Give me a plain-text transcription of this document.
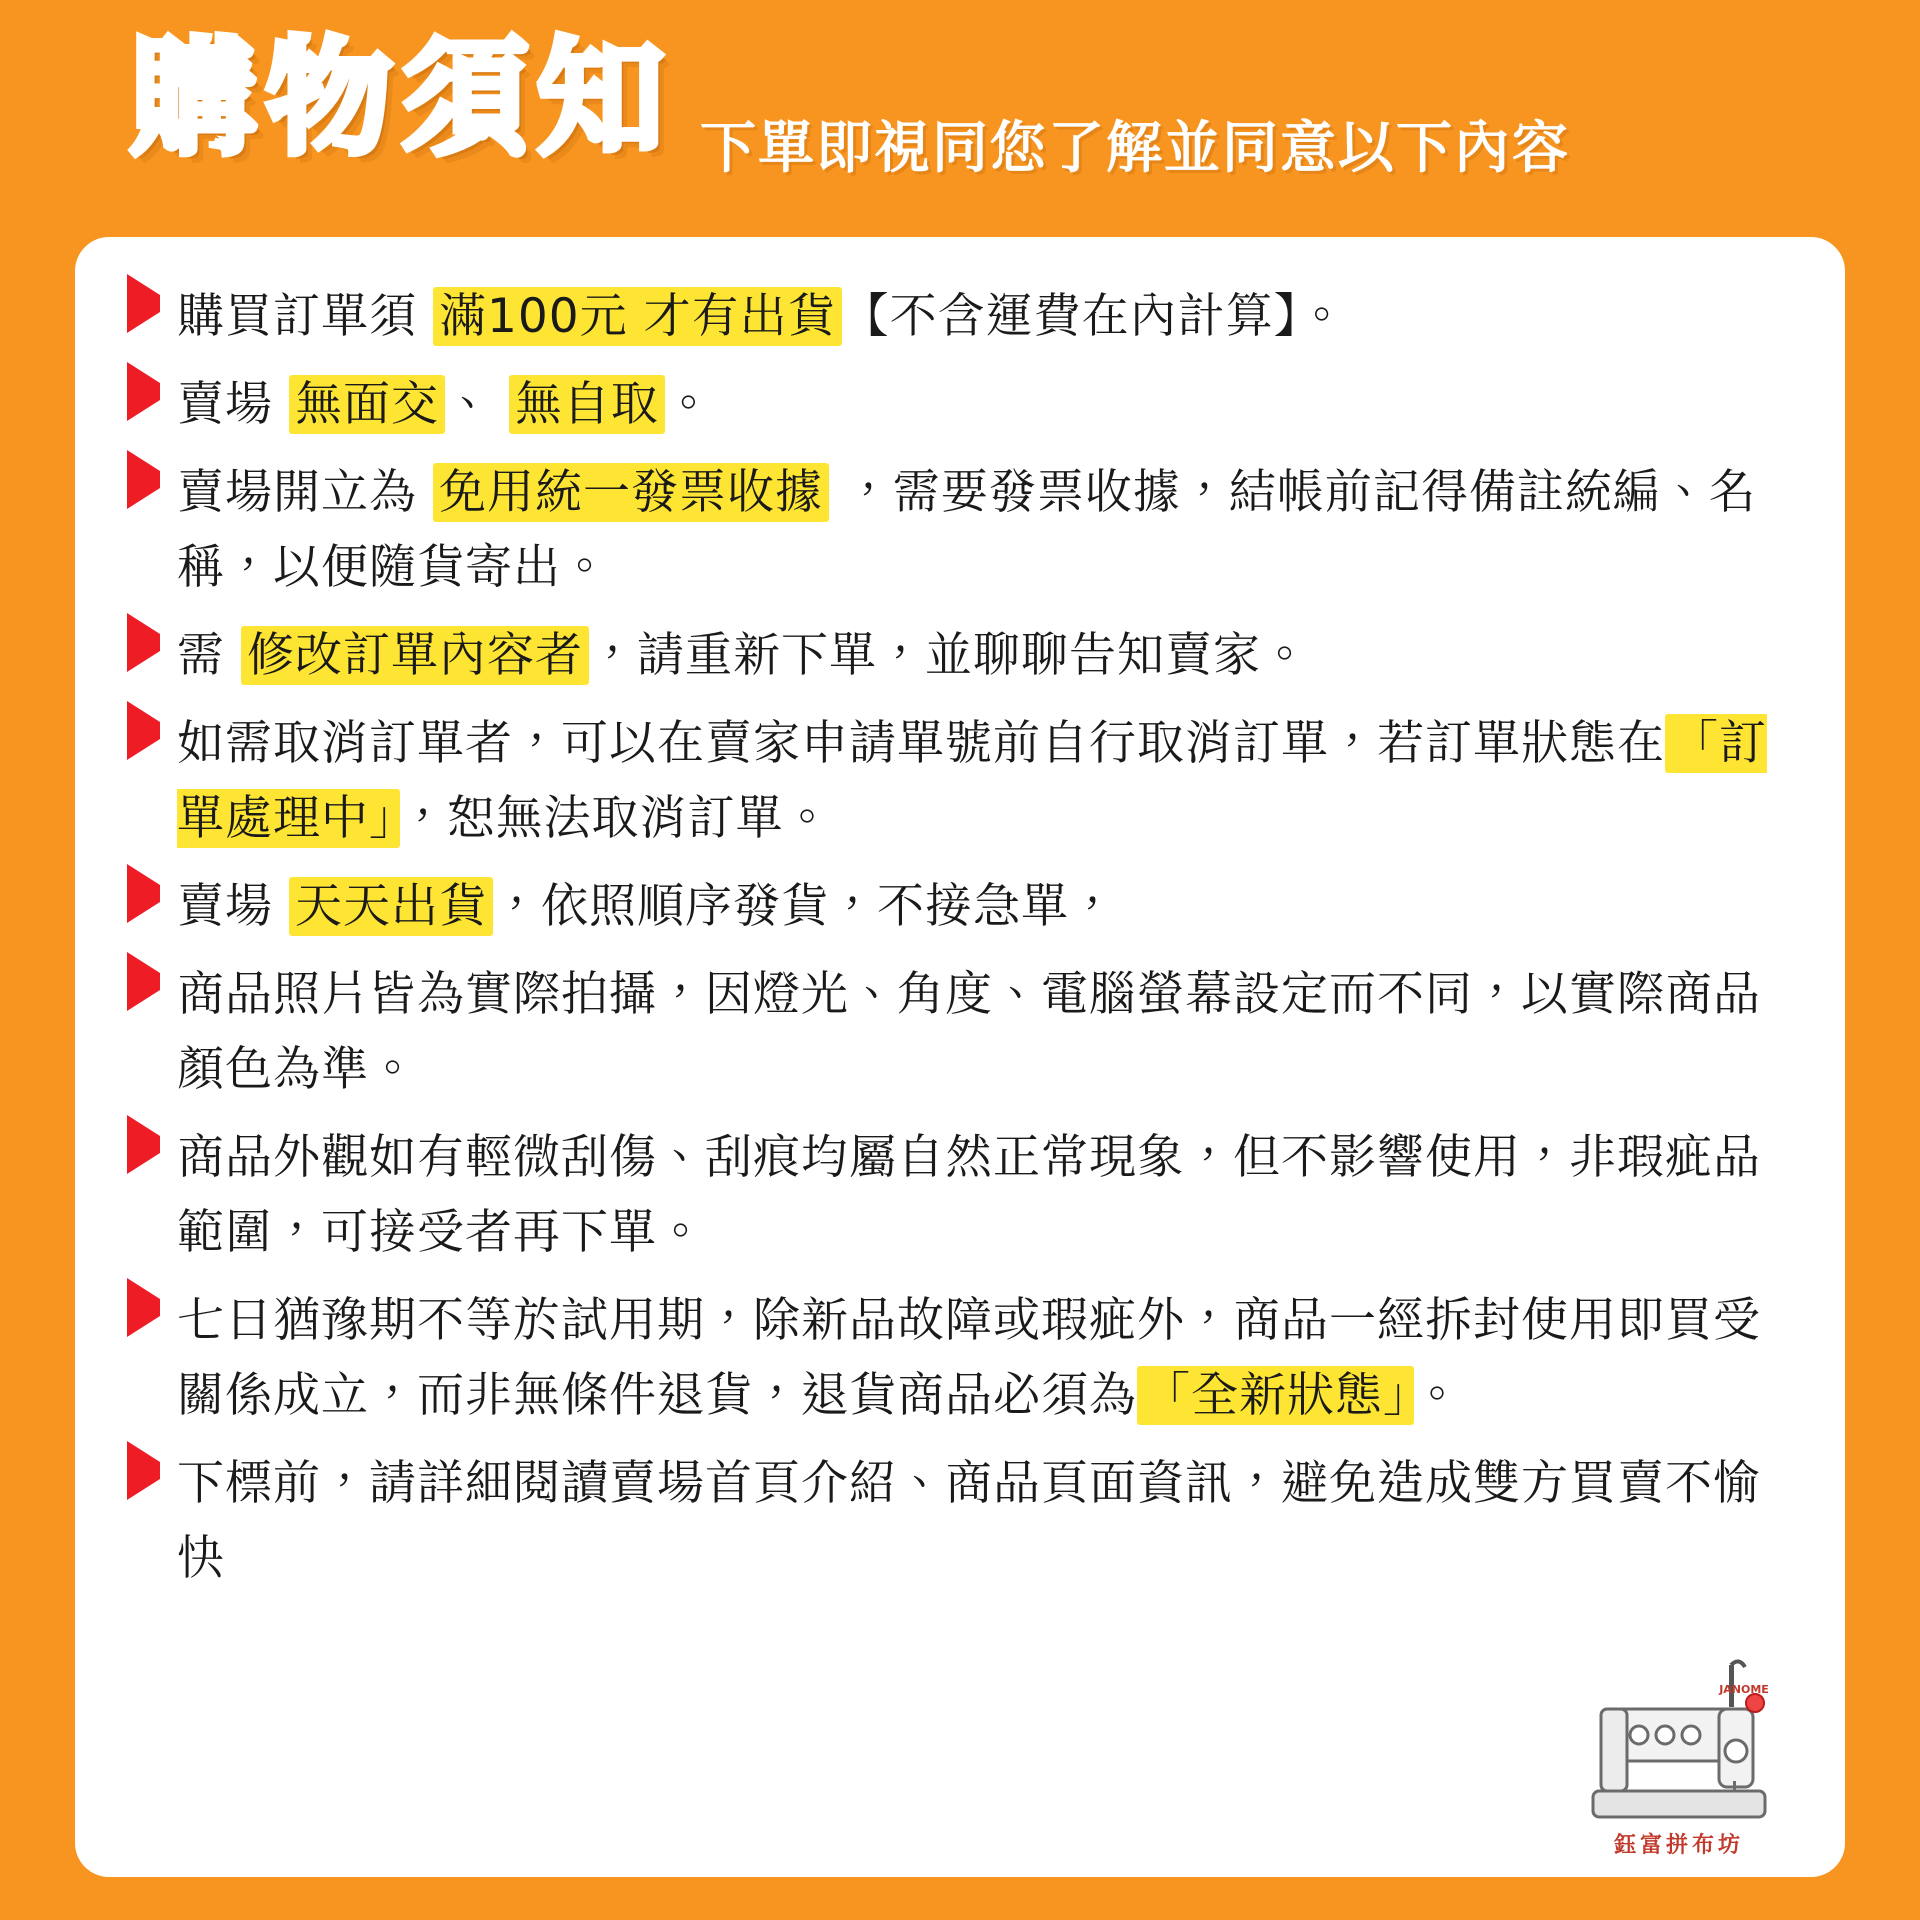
購物須知 下單即視同您了解並同意以下內容
購買訂單須 滿100元 才有出貨 【不含運費在內計算】。
賣場 無面交 、 無自取 。
賣場開立為 免用統一發票收據 ，需要發票收據，結帳前記得備註統編、名稱，以便隨貨寄出。
需 修改訂單內容者 ，請重新下單，並聊聊告知賣家。
如需取消訂單者，可以在賣家申請單號前自行取消訂單，若訂單狀態在 「訂單處理中」 ，恕無法取消訂單。
賣場 天天出貨 ，依照順序發貨，不接急單，
商品照片皆為實際拍攝，因燈光、角度、電腦螢幕設定而不同，以實際商品顏色為準。
商品外觀如有輕微刮傷、刮痕均屬自然正常現象，但不影響使用，非瑕疵品範圍，可接受者再下單。
七日猶豫期不等於試用期，除新品故障或瑕疵外，商品一經拆封使用即買受關係成立，而非無條件退貨，退貨商品必須為 「全新狀態」 。
下標前，請詳細閱讀賣場首頁介紹、商品頁面資訊，避免造成雙方買賣不愉快
JANOME
鈺富拼布坊
